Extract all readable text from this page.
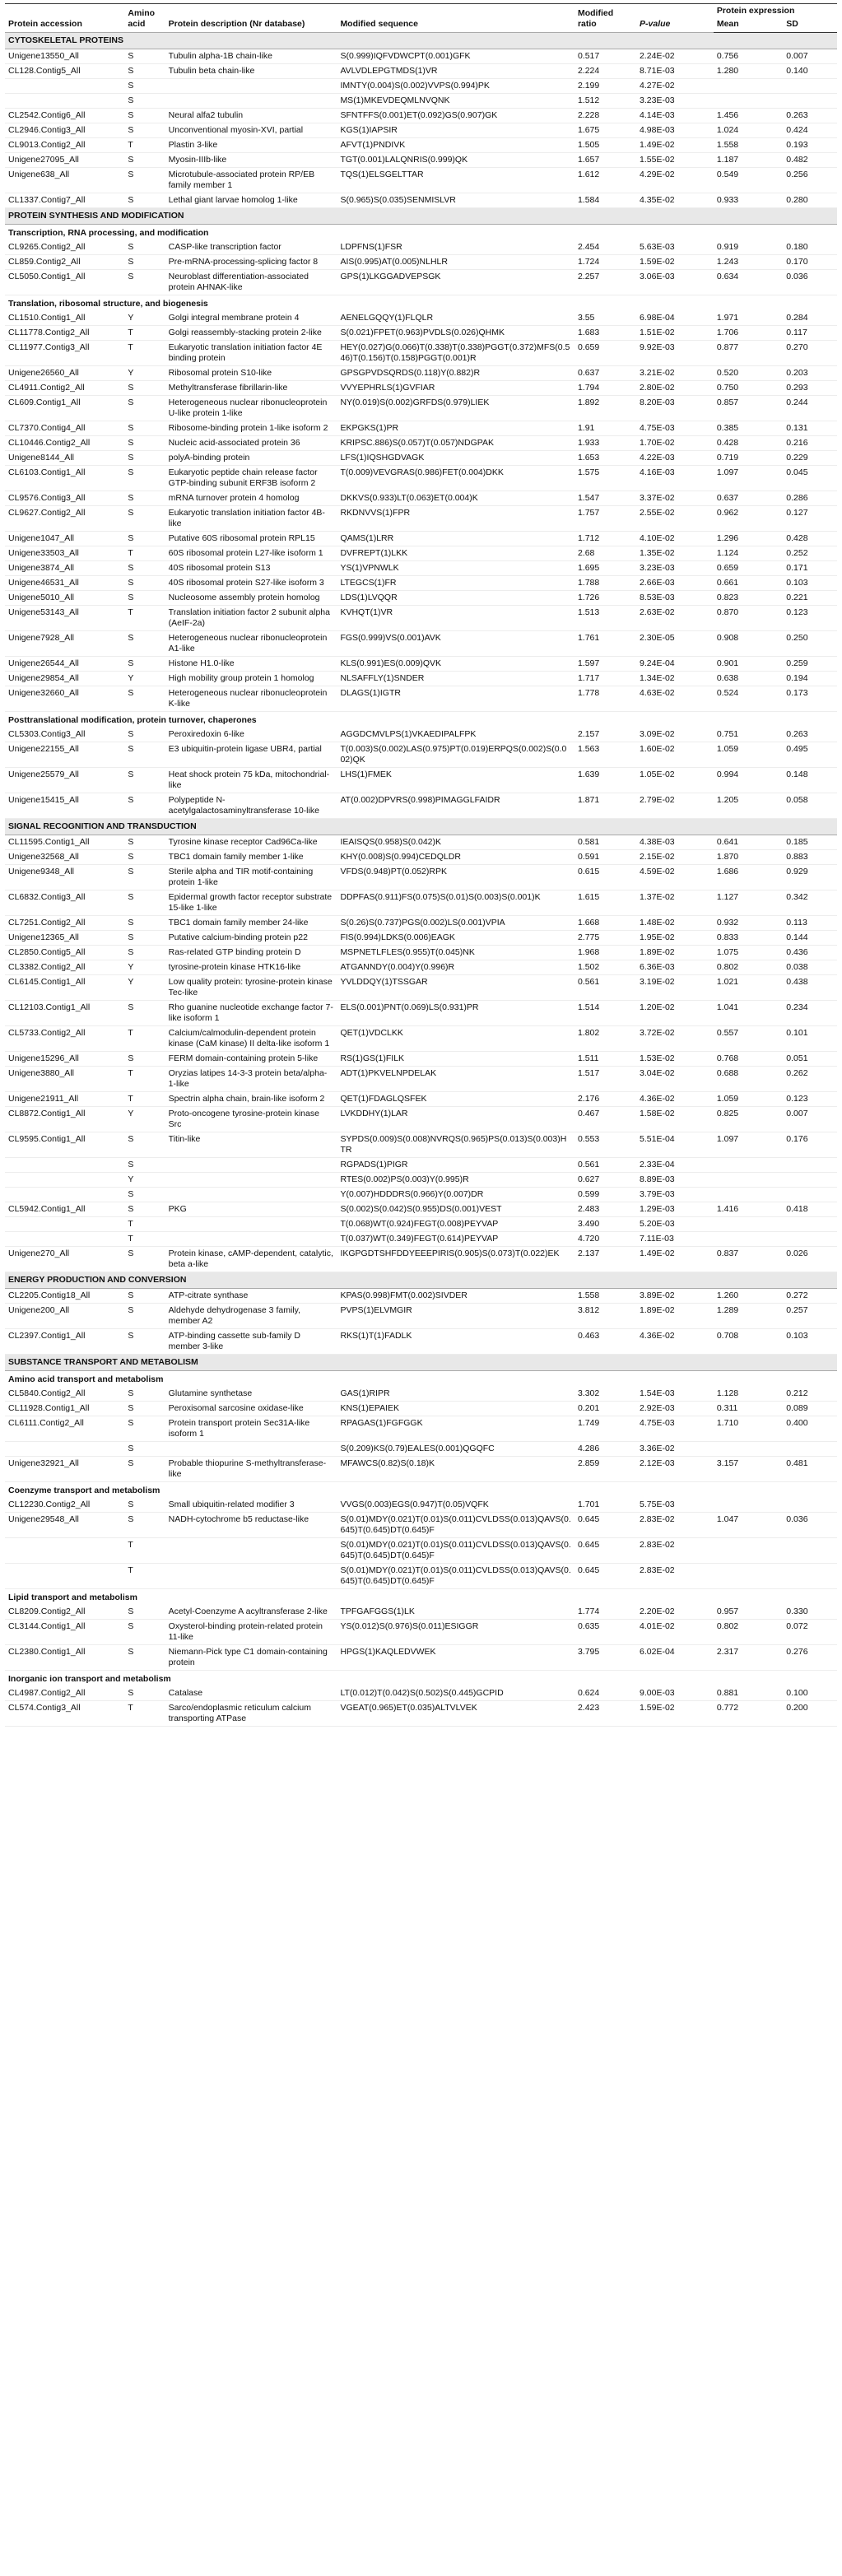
Protein accession	Amino acid	Protein description (Nr database)	Modified sequence	Modified ratio	P-value	Protein expression	
						Mean	SD
CYTOSKELETAL PROTEINS							
Unigene13550_All	S	Tubulin alpha-1B chain-like	S(0.999)IQFVDWCPT(0.001)GFK	0.517	2.24E-02	0.756	0.007
CL128.Contig5_All	S	Tubulin beta chain-like	AVLVDLEPGTMDS(1)VR	2.224	8.71E-03	1.280	0.140
	S		IMNTY(0.004)S(0.002)VVPS(0.994)PK	2.199	4.27E-02		
	S		MS(1)MKEVDEQMLNVQNK	1.512	3.23E-03		
CL2542.Contig6_All	S	Neural alfa2 tubulin	SFNTFFS(0.001)ET(0.092)GS(0.907)GK	2.228	4.14E-03	1.456	0.263
CL2946.Contig3_All	S	Unconventional myosin-XVI, partial	KGS(1)IAPSIR	1.675	4.98E-03	1.024	0.424
CL9013.Contig2_All	T	Plastin 3-like	AFVT(1)PNDIVK	1.505	1.49E-02	1.558	0.193
Unigene27095_All	S	Myosin-IIIb-like	TGT(0.001)LALQNRIS(0.999)QK	1.657	1.55E-02	1.187	0.482
Unigene638_All	S	Microtubule-associated protein RP/EB family member 1	TQS(1)ELSGELTTAR	1.612	4.29E-02	0.549	0.256
CL1337.Contig7_All	S	Lethal giant larvae homolog 1-like	S(0.965)S(0.035)SENMISLVR	1.584	4.35E-02	0.933	0.280
PROTEIN SYNTHESIS AND MODIFICATION							
Transcription, RNA processing, and modification							
CL9265.Contig2_All	S	CASP-like transcription factor	LDPFNS(1)FSR	2.454	5.63E-03	0.919	0.180
CL859.Contig2_All	S	Pre-mRNA-processing-splicing factor 8	AIS(0.995)AT(0.005)NLHLR	1.724	1.59E-02	1.243	0.170
CL5050.Contig1_All	S	Neuroblast differentiation-associated protein AHNAK-like	GPS(1)LKGGADVEPSGK	2.257	3.06E-03	0.634	0.036
Translation, ribosomal structure, and biogenesis							
CL1510.Contig1_All	Y	Golgi integral membrane protein 4	AENELGQQY(1)FLQLR	3.55	6.98E-04	1.971	0.284
CL11778.Contig2_All	T	Golgi reassembly-stacking protein 2-like	S(0.021)FPET(0.963)PVDLS(0.026)QHMK	1.683	1.51E-02	1.706	0.117
CL11977.Contig3_All	T	Eukaryotic translation initiation factor 4E binding protein	HEY(0.027)G(0.066)T(0.338)T(0.338)PGGT(0.372)MFS(0.546)T(0.156)T(0.158)PGGT(0.001)R	0.659	9.92E-03	0.877	0.270
Unigene26560_All	Y	Ribosomal protein S10-like	GPSGPVDSQRDS(0.118)Y(0.882)R	0.637	3.21E-02	0.520	0.203
CL4911.Contig2_All	S	Methyltransferase fibrillarin-like	VVYEPHRLS(1)GVFIAR	1.794	2.80E-02	0.750	0.293
CL609.Contig1_All	S	Heterogeneous nuclear ribonucleoprotein U-like protein 1-like	NY(0.019)S(0.002)GRFDS(0.979)LIEK	1.892	8.20E-03	0.857	0.244
CL7370.Contig4_All	S	Ribosome-binding protein 1-like isoform 2	EKPGKS(1)PR	1.91	4.75E-03	0.385	0.131
CL10446.Contig2_All	S	Nucleic acid-associated protein 36	KRIPSC.886)S(0.057)T(0.057)NDGPAK	1.933	1.70E-02	0.428	0.216
Unigene8144_All	S	polyA-binding protein	LFS(1)IQSHGDVAGK	1.653	4.22E-03	0.719	0.229
CL6103.Contig1_All	S	Eukaryotic peptide chain release factor GTP-binding subunit ERF3B isoform 2	T(0.009)VEVGRAS(0.986)FET(0.004)DKK	1.575	4.16E-03	1.097	0.045
CL9576.Contig3_All	S	mRNA turnover protein 4 homolog	DKKVS(0.933)LT(0.063)ET(0.004)K	1.547	3.37E-02	0.637	0.286
CL9627.Contig2_All	S	Eukaryotic translation initiation factor 4B-like	RKDNVVS(1)FPR	1.757	2.55E-02	0.962	0.127
Unigene1047_All	S	Putative 60S ribosomal protein RPL15	QAMS(1)LRR	1.712	4.10E-02	1.296	0.428
Unigene33503_All	T	60S ribosomal protein L27-like isoform 1	DVFREPT(1)LKK	2.68	1.35E-02	1.124	0.252
Unigene3874_All	S	40S ribosomal protein S13	YS(1)VPNWLK	1.695	3.23E-03	0.659	0.171
Unigene46531_All	S	40S ribosomal protein S27-like isoform 3	LTEGCS(1)FR	1.788	2.66E-03	0.661	0.103
Unigene5010_All	S	Nucleosome assembly protein homolog	LDS(1)LVQQR	1.726	8.53E-03	0.823	0.221
Unigene53143_All	T	Translation initiation factor 2 subunit alpha (AeIF-2a)	KVHQT(1)VR	1.513	2.63E-02	0.870	0.123
Unigene7928_All	S	Heterogeneous nuclear ribonucleoprotein A1-like	FGS(0.999)VS(0.001)AVK	1.761	2.30E-05	0.908	0.250
Unigene26544_All	S	Histone H1.0-like	KLS(0.991)ES(0.009)QVK	1.597	9.24E-04	0.901	0.259
Unigene29854_All	Y	High mobility group protein 1 homolog	NLSAFFLY(1)SNDER	1.717	1.34E-02	0.638	0.194
Unigene32660_All	S	Heterogeneous nuclear ribonucleoprotein K-like	DLAGS(1)IGTR	1.778	4.63E-02	0.524	0.173
Posttranslational modification, protein turnover, chaperones							
CL5303.Contig3_All	S	Peroxiredoxin 6-like	AGGDCMVLPS(1)VKAEDIPALFPK	2.157	3.09E-02	0.751	0.263
Unigene22155_All	S	E3 ubiquitin-protein ligase UBR4, partial	T(0.003)S(0.002)LAS(0.975)PT(0.019)ERPQS(0.002)S(0.002)QK	1.563	1.60E-02	1.059	0.495
Unigene25579_All	S	Heat shock protein 75 kDa, mitochondrial-like	LHS(1)FMEK	1.639	1.05E-02	0.994	0.148
Unigene15415_All	S	Polypeptide N-acetylgalactosaminyltransferase 10-like	AT(0.002)DPVRS(0.998)PIMAGGLFAIDR	1.871	2.79E-02	1.205	0.058
SIGNAL RECOGNITION AND TRANSDUCTION							
CL11595.Contig1_All	S	Tyrosine kinase receptor Cad96Ca-like	IEAISQS(0.958)S(0.042)K	0.581	4.38E-03	0.641	0.185
Unigene32568_All	S	TBC1 domain family member 1-like	KHY(0.008)S(0.994)CEDQLDR	0.591	2.15E-02	1.870	0.883
Unigene9348_All	S	Sterile alpha and TIR motif-containing protein 1-like	VFDS(0.948)PT(0.052)RPK	0.615	4.59E-02	1.686	0.929
CL6832.Contig3_All	S	Epidermal growth factor receptor substrate 15-like 1-like	DDPFAS(0.911)FS(0.075)S(0.01)S(0.003)S(0.001)K	1.615	1.37E-02	1.127	0.342
CL7251.Contig2_All	S	TBC1 domain family member 24-like	S(0.26)S(0.737)PGS(0.002)LS(0.001)VPIA	1.668	1.48E-02	0.932	0.113
Unigene12365_All	S	Putative calcium-binding protein p22	FIS(0.994)LDKS(0.006)EAGK	2.775	1.95E-02	0.833	0.144
CL2850.Contig5_All	S	Ras-related GTP binding protein D	MSPNETLFLES(0.955)T(0.045)NK	1.968	1.89E-02	1.075	0.436
CL3382.Contig2_All	Y	tyrosine-protein kinase HTK16-like	ATGANNDY(0.004)Y(0.996)R	1.502	6.36E-03	0.802	0.038
CL6145.Contig1_All	Y	Low quality protein: tyrosine-protein kinase Tec-like	YVLDDQY(1)TSSGAR	0.561	3.19E-02	1.021	0.438
CL12103.Contig1_All	S	Rho guanine nucleotide exchange factor 7-like isoform 1	ELS(0.001)PNT(0.069)LS(0.931)PR	1.514	1.20E-02	1.041	0.234
CL5733.Contig2_All	T	Calcium/calmodulin-dependent protein kinase (CaM kinase) II delta-like isoform 1	QET(1)VDCLKK	1.802	3.72E-02	0.557	0.101
Unigene15296_All	S	FERM domain-containing protein 5-like	RS(1)GS(1)FILK	1.511	1.53E-02	0.768	0.051
Unigene3880_All	T	Oryzias latipes 14-3-3 protein beta/alpha-1-like	ADT(1)PKVELNPDELAK	1.517	3.04E-02	0.688	0.262
Unigene21911_All	T	Spectrin alpha chain, brain-like isoform 2	QET(1)FDAGLQSFEK	2.176	4.36E-02	1.059	0.123
CL8872.Contig1_All	Y	Proto-oncogene tyrosine-protein kinase Src	LVKDDHY(1)LAR	0.467	1.58E-02	0.825	0.007
CL9595.Contig1_All	S	Titin-like	SYPDS(0.009)S(0.008)NVRQS(0.965)PS(0.013)S(0.003)HTR	0.553	5.51E-04	1.097	0.176
	S		RGPADS(1)PIGR	0.561	2.33E-04		
	Y		RTES(0.002)PS(0.003)Y(0.995)R	0.627	8.89E-03		
	S		Y(0.007)HDDDRS(0.966)Y(0.007)DR	0.599	3.79E-03		
CL5942.Contig1_All	S	PKG	S(0.002)S(0.042)S(0.955)DS(0.001)VEST	2.483	1.29E-03	1.416	0.418
	T		T(0.068)WT(0.924)FEGT(0.008)PEYVAP	3.490	5.20E-03		
	T		T(0.037)WT(0.349)FEGT(0.614)PEYVAP	4.720	7.11E-03		
Unigene270_All	S	Protein kinase, cAMP-dependent, catalytic, beta a-like	IKGPGDTSHFDDYEEEPIRIS(0.905)S(0.073)T(0.022)EK	2.137	1.49E-02	0.837	0.026
ENERGY PRODUCTION AND CONVERSION							
CL2205.Contig18_All	S	ATP-citrate synthase	KPAS(0.998)FMT(0.002)SIVDER	1.558	3.89E-02	1.260	0.272
Unigene200_All	S	Aldehyde dehydrogenase 3 family, member A2	PVPS(1)ELVMGIR	3.812	1.89E-02	1.289	0.257
CL2397.Contig1_All	S	ATP-binding cassette sub-family D member 3-like	RKS(1)T(1)FADLK	0.463	4.36E-02	0.708	0.103
SUBSTANCE TRANSPORT AND METABOLISM							
Amino acid transport and metabolism							
CL5840.Contig2_All	S	Glutamine synthetase	GAS(1)RIPR	3.302	1.54E-03	1.128	0.212
CL11928.Contig1_All	S	Peroxisomal sarcosine oxidase-like	KNS(1)EPAIEK	0.201	2.92E-03	0.311	0.089
CL6111.Contig2_All	S	Protein transport protein Sec31A-like isoform 1	RPAGAS(1)FGFGGK	1.749	4.75E-03	1.710	0.400
	S		S(0.209)KS(0.79)EALES(0.001)QGQFC	4.286	3.36E-02		
Unigene32921_All	S	Probable thiopurine S-methyltransferase-like	MFAWCS(0.82)S(0.18)K	2.859	2.12E-03	3.157	0.481
Coenzyme transport and metabolism							
CL12230.Contig2_All	S	Small ubiquitin-related modifier 3	VVGS(0.003)EGS(0.947)T(0.05)VQFK	1.701	5.75E-03		
Unigene29548_All	S	NADH-cytochrome b5 reductase-like	S(0.01)MDY(0.021)T(0.01)S(0.011)CVLDSS(0.013)QAVS(0.645)T(0.645)DT(0.645)F	0.645	2.83E-02	1.047	0.036
	T		S(0.01)MDY(0.021)T(0.01)S(0.011)CVLDSS(0.013)QAVS(0.645)T(0.645)DT(0.645)F	0.645	2.83E-02		
	T		S(0.01)MDY(0.021)T(0.01)S(0.011)CVLDSS(0.013)QAVS(0.645)T(0.645)DT(0.645)F	0.645	2.83E-02		
Lipid transport and metabolism							
CL8209.Contig2_All	S	Acetyl-Coenzyme A acyltransferase 2-like	TPFGAFGGS(1)LK	1.774	2.20E-02	0.957	0.330
CL3144.Contig1_All	S	Oxysterol-binding protein-related protein 11-like	YS(0.012)S(0.976)S(0.011)ESIGGR	0.635	4.01E-02	0.802	0.072
CL2380.Contig1_All	S	Niemann-Pick type C1 domain-containing protein	HPGS(1)KAQLEDVWEK	3.795	6.02E-04	2.317	0.276
Inorganic ion transport and metabolism							
CL4987.Contig2_All	S	Catalase	LT(0.012)T(0.042)S(0.502)S(0.445)GCPID	0.624	9.00E-03	0.881	0.100
CL574.Contig3_All	T	Sarco/endoplasmic reticulum calcium transporting ATPase	VGEAT(0.965)ET(0.035)ALTVLVEK	2.423	1.59E-02	0.772	0.200
